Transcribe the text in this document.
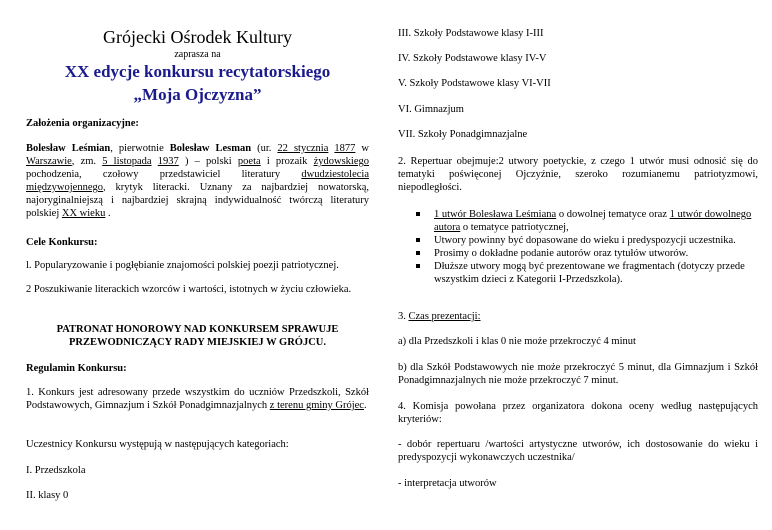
Grójecki Ośrodek Kultury
zaprasza na
XX edycje konkursu recytatorskiego
„Moja Ojczyzna”
Założenia organizacyjne:
Bolesław Leśmian, pierwotnie Bolesław Lesman (ur. 22 stycznia 1877 w Warszawie, zm. 5 listopada 1937 ) – polski poeta i prozaik żydowskiego pochodzenia, czołowy przedstawiciel literatury dwudziestolecia międzywojennego, krytyk literacki. Uznany za najbardziej nowatorską, najoryginalniejszą i najbardziej skrajną indywidualność twórczą literatury polskiej XX wieku .
Cele Konkursu:
l. Popularyzowanie i pogłębianie znajomości polskiej poezji patriotycznej.
2 Poszukiwanie literackich wzorców i wartości, istotnych w życiu człowieka.
PATRONAT HONOROWY NAD KONKURSEM SPRAWUJE PRZEWODNICZĄCY RADY MIEJSKIEJ W GRÓJCU.
Regulamin Konkursu:
1. Konkurs jest adresowany przede wszystkim do uczniów Przedszkoli, Szkół Podstawowych, Gimnazjum i Szkół Ponadgimnazjalnych z terenu gminy Grójec.
Uczestnicy Konkursu występują w następujących kategoriach:
I. Przedszkola
II. klasy 0
III. Szkoły Podstawowe klasy I-III
IV. Szkoły Podstawowe klasy IV-V
V. Szkoły Podstawowe klasy VI-VII
VI. Gimnazjum
VII. Szkoły Ponadgimnazjalne
2. Repertuar obejmuje:2 utwory poetyckie, z czego 1 utwór musi odnosić się do tematyki poświęconej Ojczyźnie, szeroko rozumianemu patriotyzmowi, niepodległości.
1 utwór Bolesława Leśmiana o dowolnej tematyce oraz 1 utwór dowolnego autora o tematyce patriotycznej,
Utwory powinny być dopasowane do wieku i predyspozycji uczestnika.
Prosimy o dokładne podanie autorów oraz tytułów utworów.
Dłuższe utwory mogą być prezentowane we fragmentach (dotyczy przede wszystkim dzieci z Kategorii I-Przedszkola).
3. Czas prezentacji:
a) dla Przedszkoli i klas 0 nie może przekroczyć 4 minut
b) dla Szkół Podstawowych nie może przekroczyć 5 minut, dla Gimnazjum i Szkół Ponadgimnazjalnych nie może przekroczyć 7 minut.
4. Komisja powołana przez organizatora dokona oceny według następujących kryteriów:
- dobór repertuaru /wartości artystyczne utworów, ich dostosowanie do wieku i predyspozycji wykonawczych uczestnika/
- interpretacja utworów
